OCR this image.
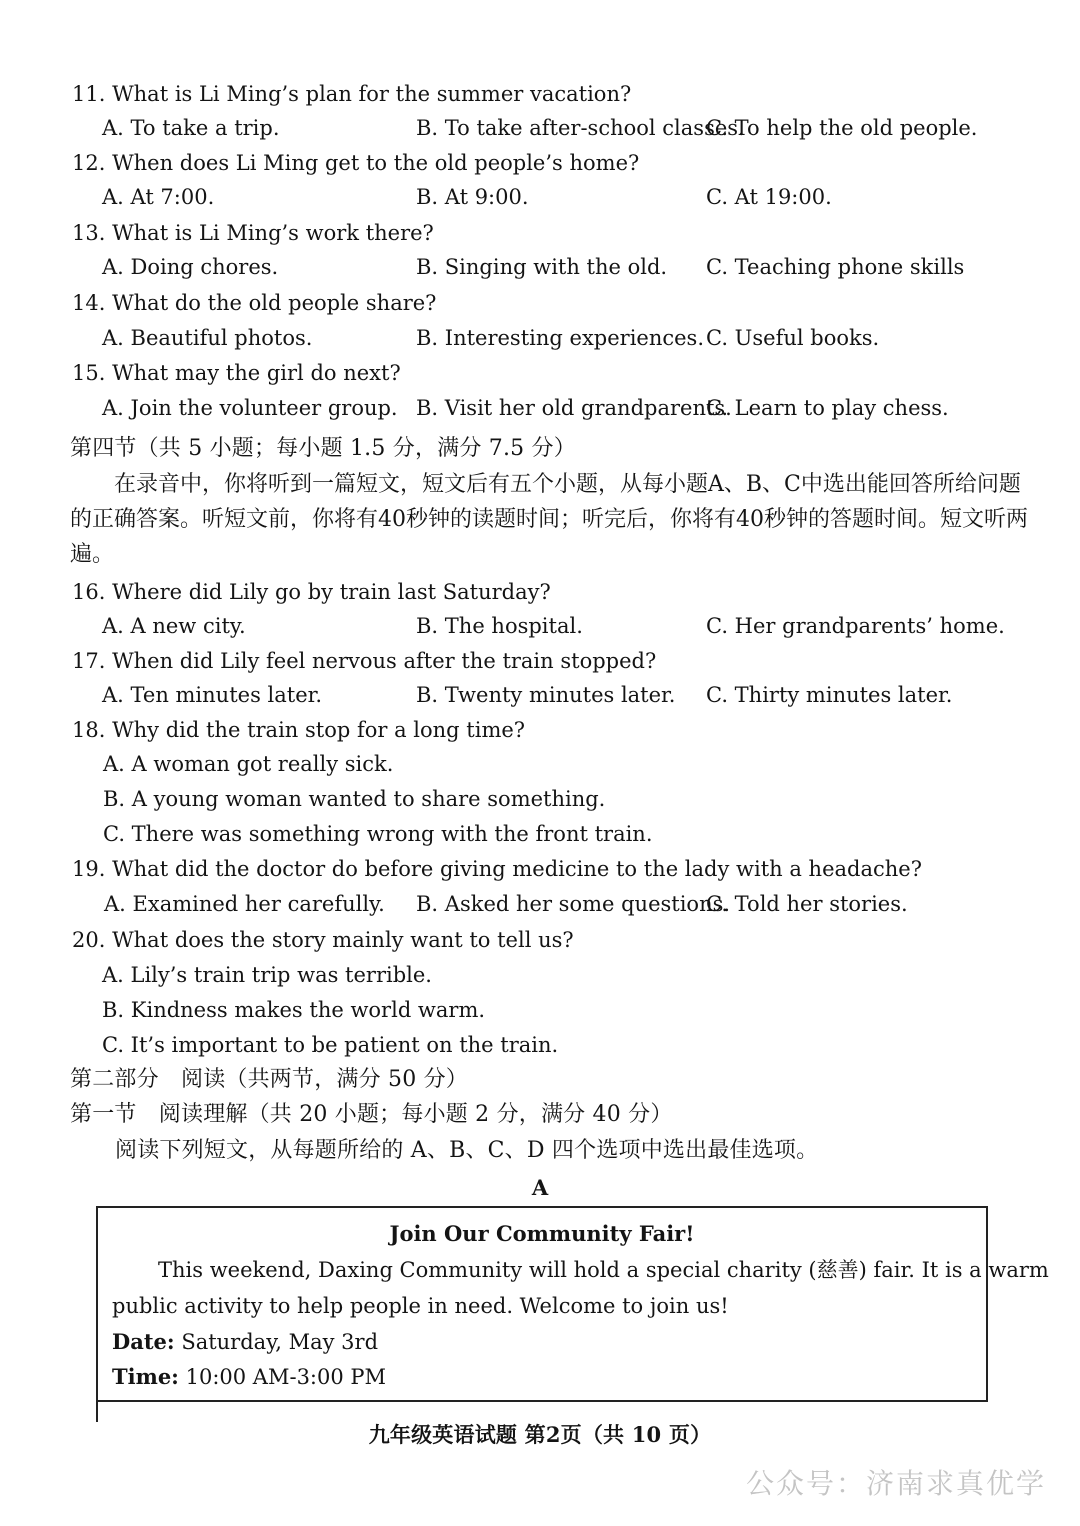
11. What is Li Ming’s plan for the summer vacation?
A. To take a trip.	B. To take after-school classes.
C. To help the old people.
12. When does Li Ming get to the old people’s home?
A. At 7:00.	B. At 9:00.	C. At 19:00.
13. What is Li Ming’s work there?
A. Doing chores.	B. Singing with the old. C. Teaching phone skills
14. What do the old people share?
A. Beautiful photos.	B. Interesting experiences. C. Useful books.
15. What may the girl do next?
A. Join the volunteer group. B. Visit her old grandparents.
C. Learn to play chess.
第四节（共 5 小题；每小题 1.5 分，满分 7.5 分）
在录音中，你将听到一篇短文，短文后有五个小题，从每小题A、B、C中选出能回答所给问题的正确答案。听短文前，你将有40秒钟的读题时间；听完后，你将有40秒钟的答题时间。短文听两遍。
16. Where did Lily go by train last Saturday?
A. A new city.	B. The hospital.	C. Her grandparents’ home.
17. When did Lily feel nervous after the train stopped?
A. Ten minutes later.	B. Twenty minutes later. C. Thirty minutes later.
18. Why did the train stop for a long time?
A. A woman got really sick.
B. A young woman wanted to share something.
C. There was something wrong with the front train.
19. What did the doctor do before giving medicine to the lady with a headache?
A. Examined her carefully. B. Asked her some questions.
C. Told her stories.
20. What does the story mainly want to tell us?
A. Lily’s train trip was terrible.
B. Kindness makes the world warm.
C. It’s important to be patient on the train.
第二部分　阅读（共两节，满分 50 分）
第一节　阅读理解（共 20 小题；每小题 2 分，满分 40 分）
阅读下列短文，从每题所给的 A、B、C、D 四个选项中选出最佳选项。
A
Join Our Community Fair!
This weekend, Daxing Community will hold a special charity (慈善) fair. It is a warm
public activity to help people in need. Welcome to join us!
Date: Saturday, May 3rd
Time: 10:00 AM-3:00 PM
九年级英语试题 第2页（共 10 页）
公众号：济南求真优学
